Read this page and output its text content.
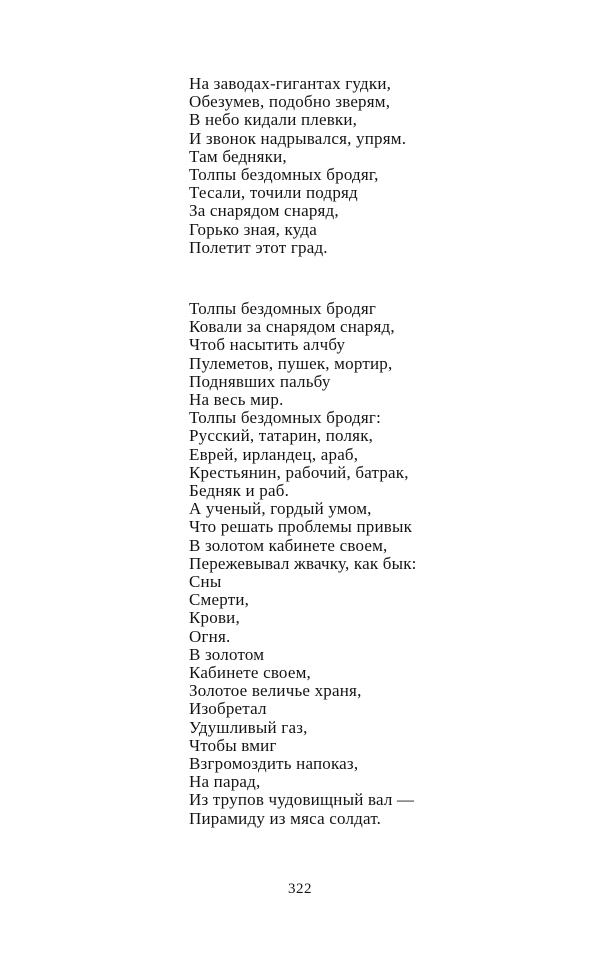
На заводах-гигантах гудки,
Обезумев, подобно зверям,
В небо кидали плевки,
И звонок надрывался, упрям.
Там бедняки,
Толпы бездомных бродяг,
Тесали, точили подряд
За снарядом снаряд,
Горько зная, куда
Полетит этот град.
Толпы бездомных бродяг
Ковали за снарядом снаряд,
Чтоб насытить алчбу
Пулеметов, пушек, мортир,
Поднявших пальбу
На весь мир.
Толпы бездомных бродяг:
Русский, татарин, поляк,
Еврей, ирландец, араб,
Крестьянин, рабочий, батрак,
Бедняк и раб.
А ученый, гордый умом,
Что решать проблемы привык
В золотом кабинете своем,
Пережевывал жвачку, как бык:
Сны
Смерти,
Крови,
Огня.
В золотом
Кабинете своем,
Золотое величье храня,
Изобретал
Удушливый газ,
Чтобы вмиг
Взгромоздить напоказ,
На парад,
Из трупов чудовищный вал —
Пирамиду из мяса солдат.
322
